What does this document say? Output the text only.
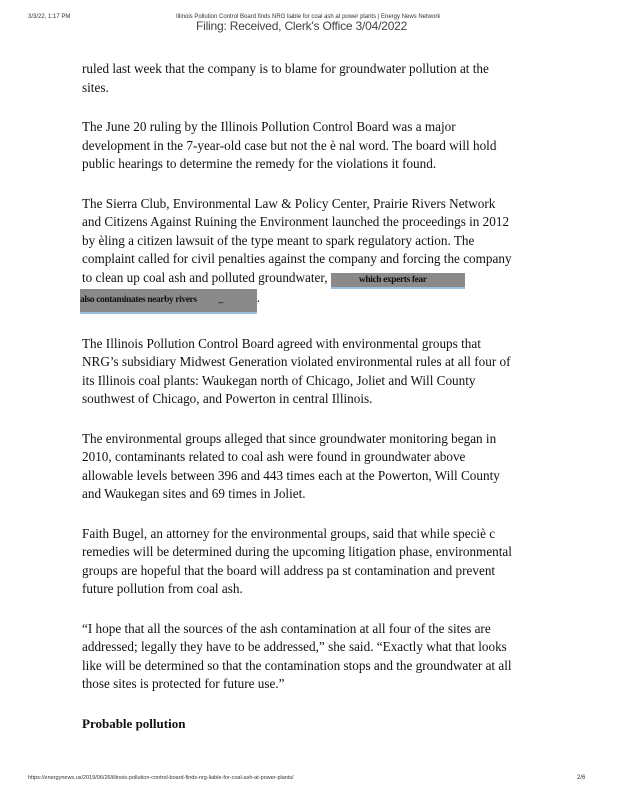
3/3/22, 1:17 PM	Illinois Pollution Control Board finds NRG liable for coal ash at power plants | Energy News Network
Filing: Received, Clerk's Office 3/04/2022

ruled last week that the company is to blame for groundwater pollution at the sites.

The June 20 ruling by the Illinois Pollution Control Board was a major development in the 7-year-old case but not the è nal word. The board will hold public hearings to determine the remedy for the violations it found.

The Sierra Club, Environmental Law & Policy Center, Prairie Rivers Network and Citizens Against Ruining the Environment launched the proceedings in 2012 by èling a citizen lawsuit of the type meant to spark regulatory action. The complaint called for civil penalties against the company and forcing the company to clean up coal ash and polluted groundwater,	which experts fear
also contaminates nearby rivers _	.

The Illinois Pollution Control Board agreed with environmental groups that NRG’s subsidiary Midwest Generation violated environmental rules at all four of its Illinois coal plants: Waukegan north of Chicago, Joliet and Will County southwest of Chicago, and Powerton in central Illinois.

The environmental groups alleged that since groundwater monitoring began in 2010, contaminants related to coal ash were found in groundwater above allowable levels between 396 and 443 times each at the Powerton, Will County and Waukegan sites and 69 times in Joliet.

Faith Bugel, an attorney for the environmental groups, said that while speciè c remedies will be determined during the upcoming litigation phase, environmental groups are hopeful that the board will address pa st contamination and prevent future pollution from coal ash.

“I hope that all the sources of the ash contamination at all four of the sites are addressed; legally they have to be addressed,” she said. “Exactly what that looks like will be determined so that the contamination stops and the groundwater at all those sites is protected for future use.”

Probable pollution
https://energynews.us/2019/06/26/illinois-pollution-control-board-finds-nrg-liable-for-coal-ash-at-power-plants/	2/6
